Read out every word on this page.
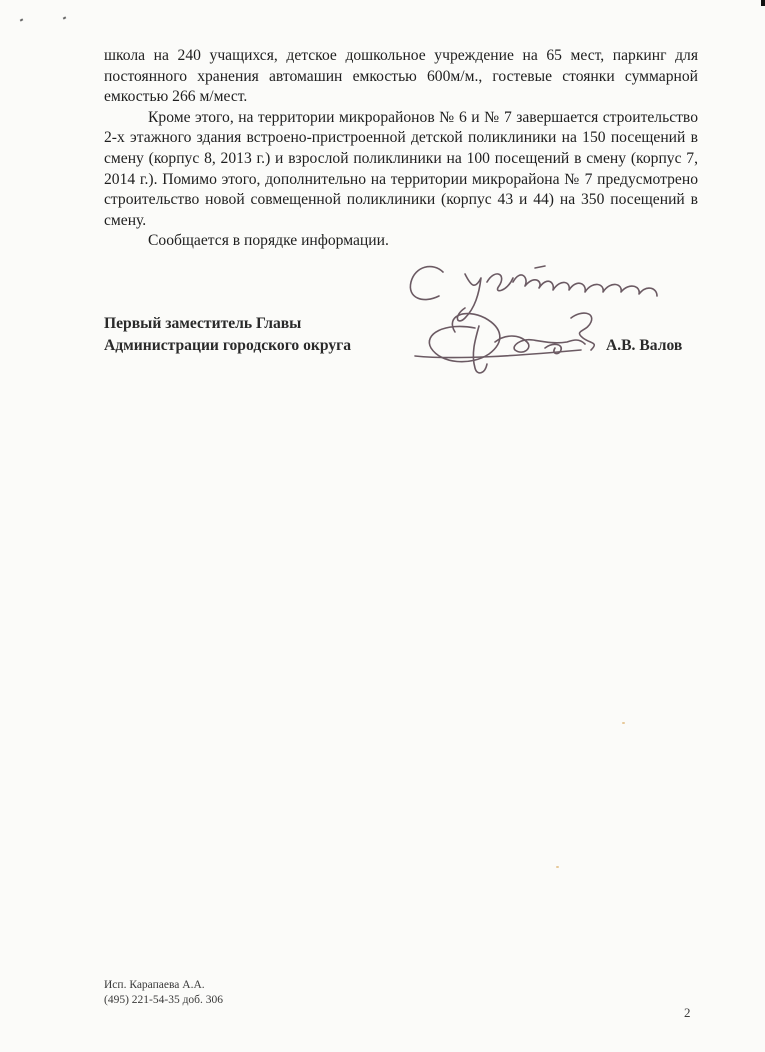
школа на 240 учащихся, детское дошкольное учреждение на 65 мест, паркинг для постоянного хранения автомашин емкостью 600м/м., гостевые стоянки суммарной емкостью 266 м/мест.

Кроме этого, на территории микрорайонов № 6 и № 7 завершается строительство 2-х этажного здания встроено-пристроенной детской поликлиники на 150 посещений в смену (корпус 8, 2013 г.) и взрослой поликлиники на 100 посещений в смену (корпус 7, 2014 г.). Помимо этого, дополнительно на территории микрорайона № 7 предусмотрено строительство новой совмещенной поликлиники (корпус 43 и 44) на 350 посещений в смену.

Сообщается в порядке информации.

Первый заместитель Главы
Администрации городского округа	А.В. Валов
Исп. Карапаева А.А.
(495) 221-54-35 доб. 306
2
